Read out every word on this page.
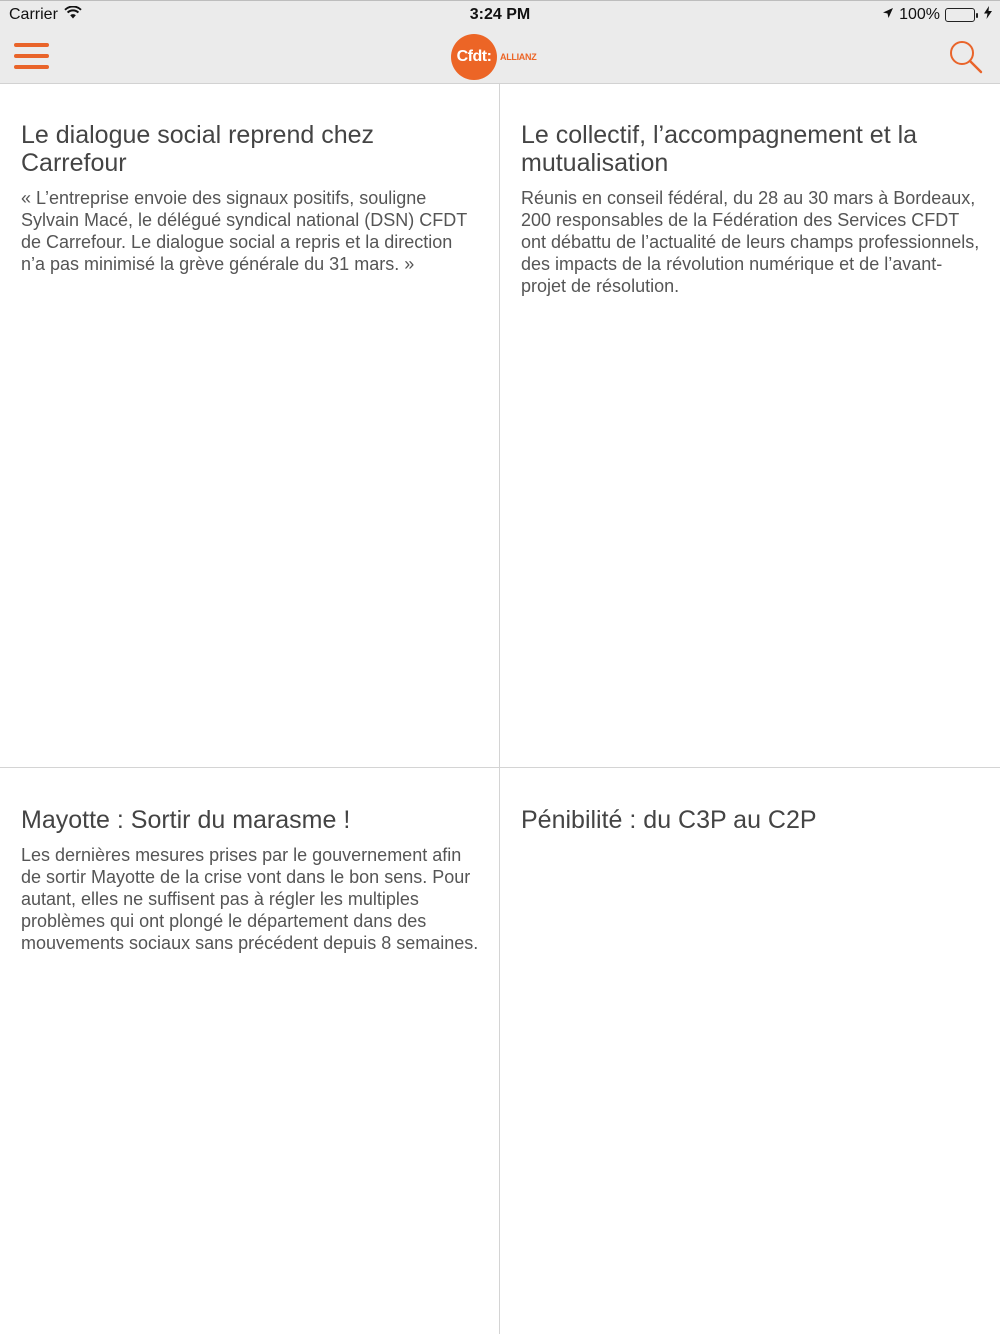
Carrier	3:24 PM	100%
Cfdt: ALLIANZ
Le dialogue social reprend chez Carrefour

« L’entreprise envoie des signaux positifs, souligne Sylvain Macé, le délégué syndical national (DSN) CFDT de Carrefour. Le dialogue social a repris et la direction n’a pas minimisé la grève générale du 31 mars. »

Le collectif, l’accompagnement et la mutualisation

Réunis en conseil fédéral, du 28 au 30 mars à Bordeaux, 200 responsables de la Fédération des Services CFDT ont débattu de l’actualité de leurs champs professionnels, des impacts de la révolution numérique et de l’avant-projet de résolution.

Mayotte : Sortir du marasme !

Les dernières mesures prises par le gouvernement afin de sortir Mayotte de la crise vont dans le bon sens. Pour autant, elles ne suffisent pas à régler les multiples problèmes qui ont plongé le département dans des mouvements sociaux sans précédent depuis 8 semaines.

Pénibilité : du C3P au C2P
